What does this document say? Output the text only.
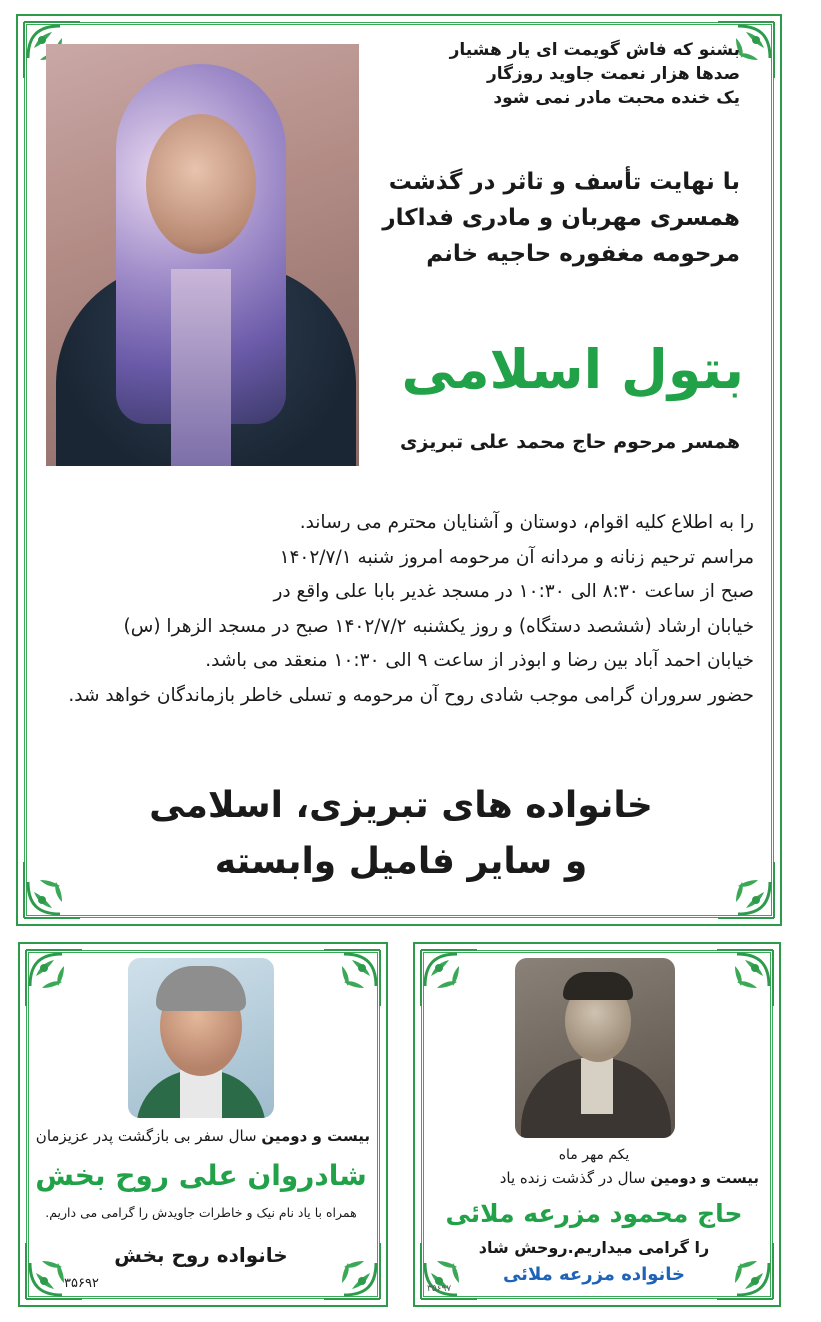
بشنو که فاش گویمت ای یار هشیار
صدها هزار نعمت جاوید روزگار
یک خنده محبت مادر نمی شود
با نهایت تأسف و تاثر در گذشت
همسری مهربان و مادری فداکار
مرحومه مغفوره حاجیه خانم
بتول اسلامی
همسر مرحوم حاج محمد علی تبریزی
را به اطلاع کلیه اقوام، دوستان و آشنایان محترم می رساند.
مراسم ترحیم زنانه و مردانه آن مرحومه امروز شنبه ۱۴۰۲/۷/۱
صبح از ساعت ۸:۳۰ الی ۱۰:۳۰ در مسجد غدیر بابا علی واقع در
خیابان ارشاد (ششصد دستگاه) و روز یکشنبه ۱۴۰۲/۷/۲ صبح در مسجد الزهرا (س)
خیابان احمد آباد بین رضا و ابوذر از ساعت ۹ الی ۱۰:۳۰ منعقد می باشد.
حضور سروران گرامی موجب شادی روح آن مرحومه و تسلی خاطر بازماندگان خواهد شد.
خانواده های تبریزی، اسلامی
و سایر فامیل وابسته
بیست و دومین سال سفر بی بازگشت پدر عزیزمان
شادروان علی روح بخش
همراه با یاد نام نیک و خاطرات جاویدش را گرامی می داریم.
خانواده روح بخش
۳۵۶۹۲
یکم مهر ماه
بیست و دومین سال در گذشت زنده یاد
حاج محمود مزرعه ملائی
را گرامی میداریم.روحش شاد
خانواده مزرعه ملائی
۳۵۶۹۷
